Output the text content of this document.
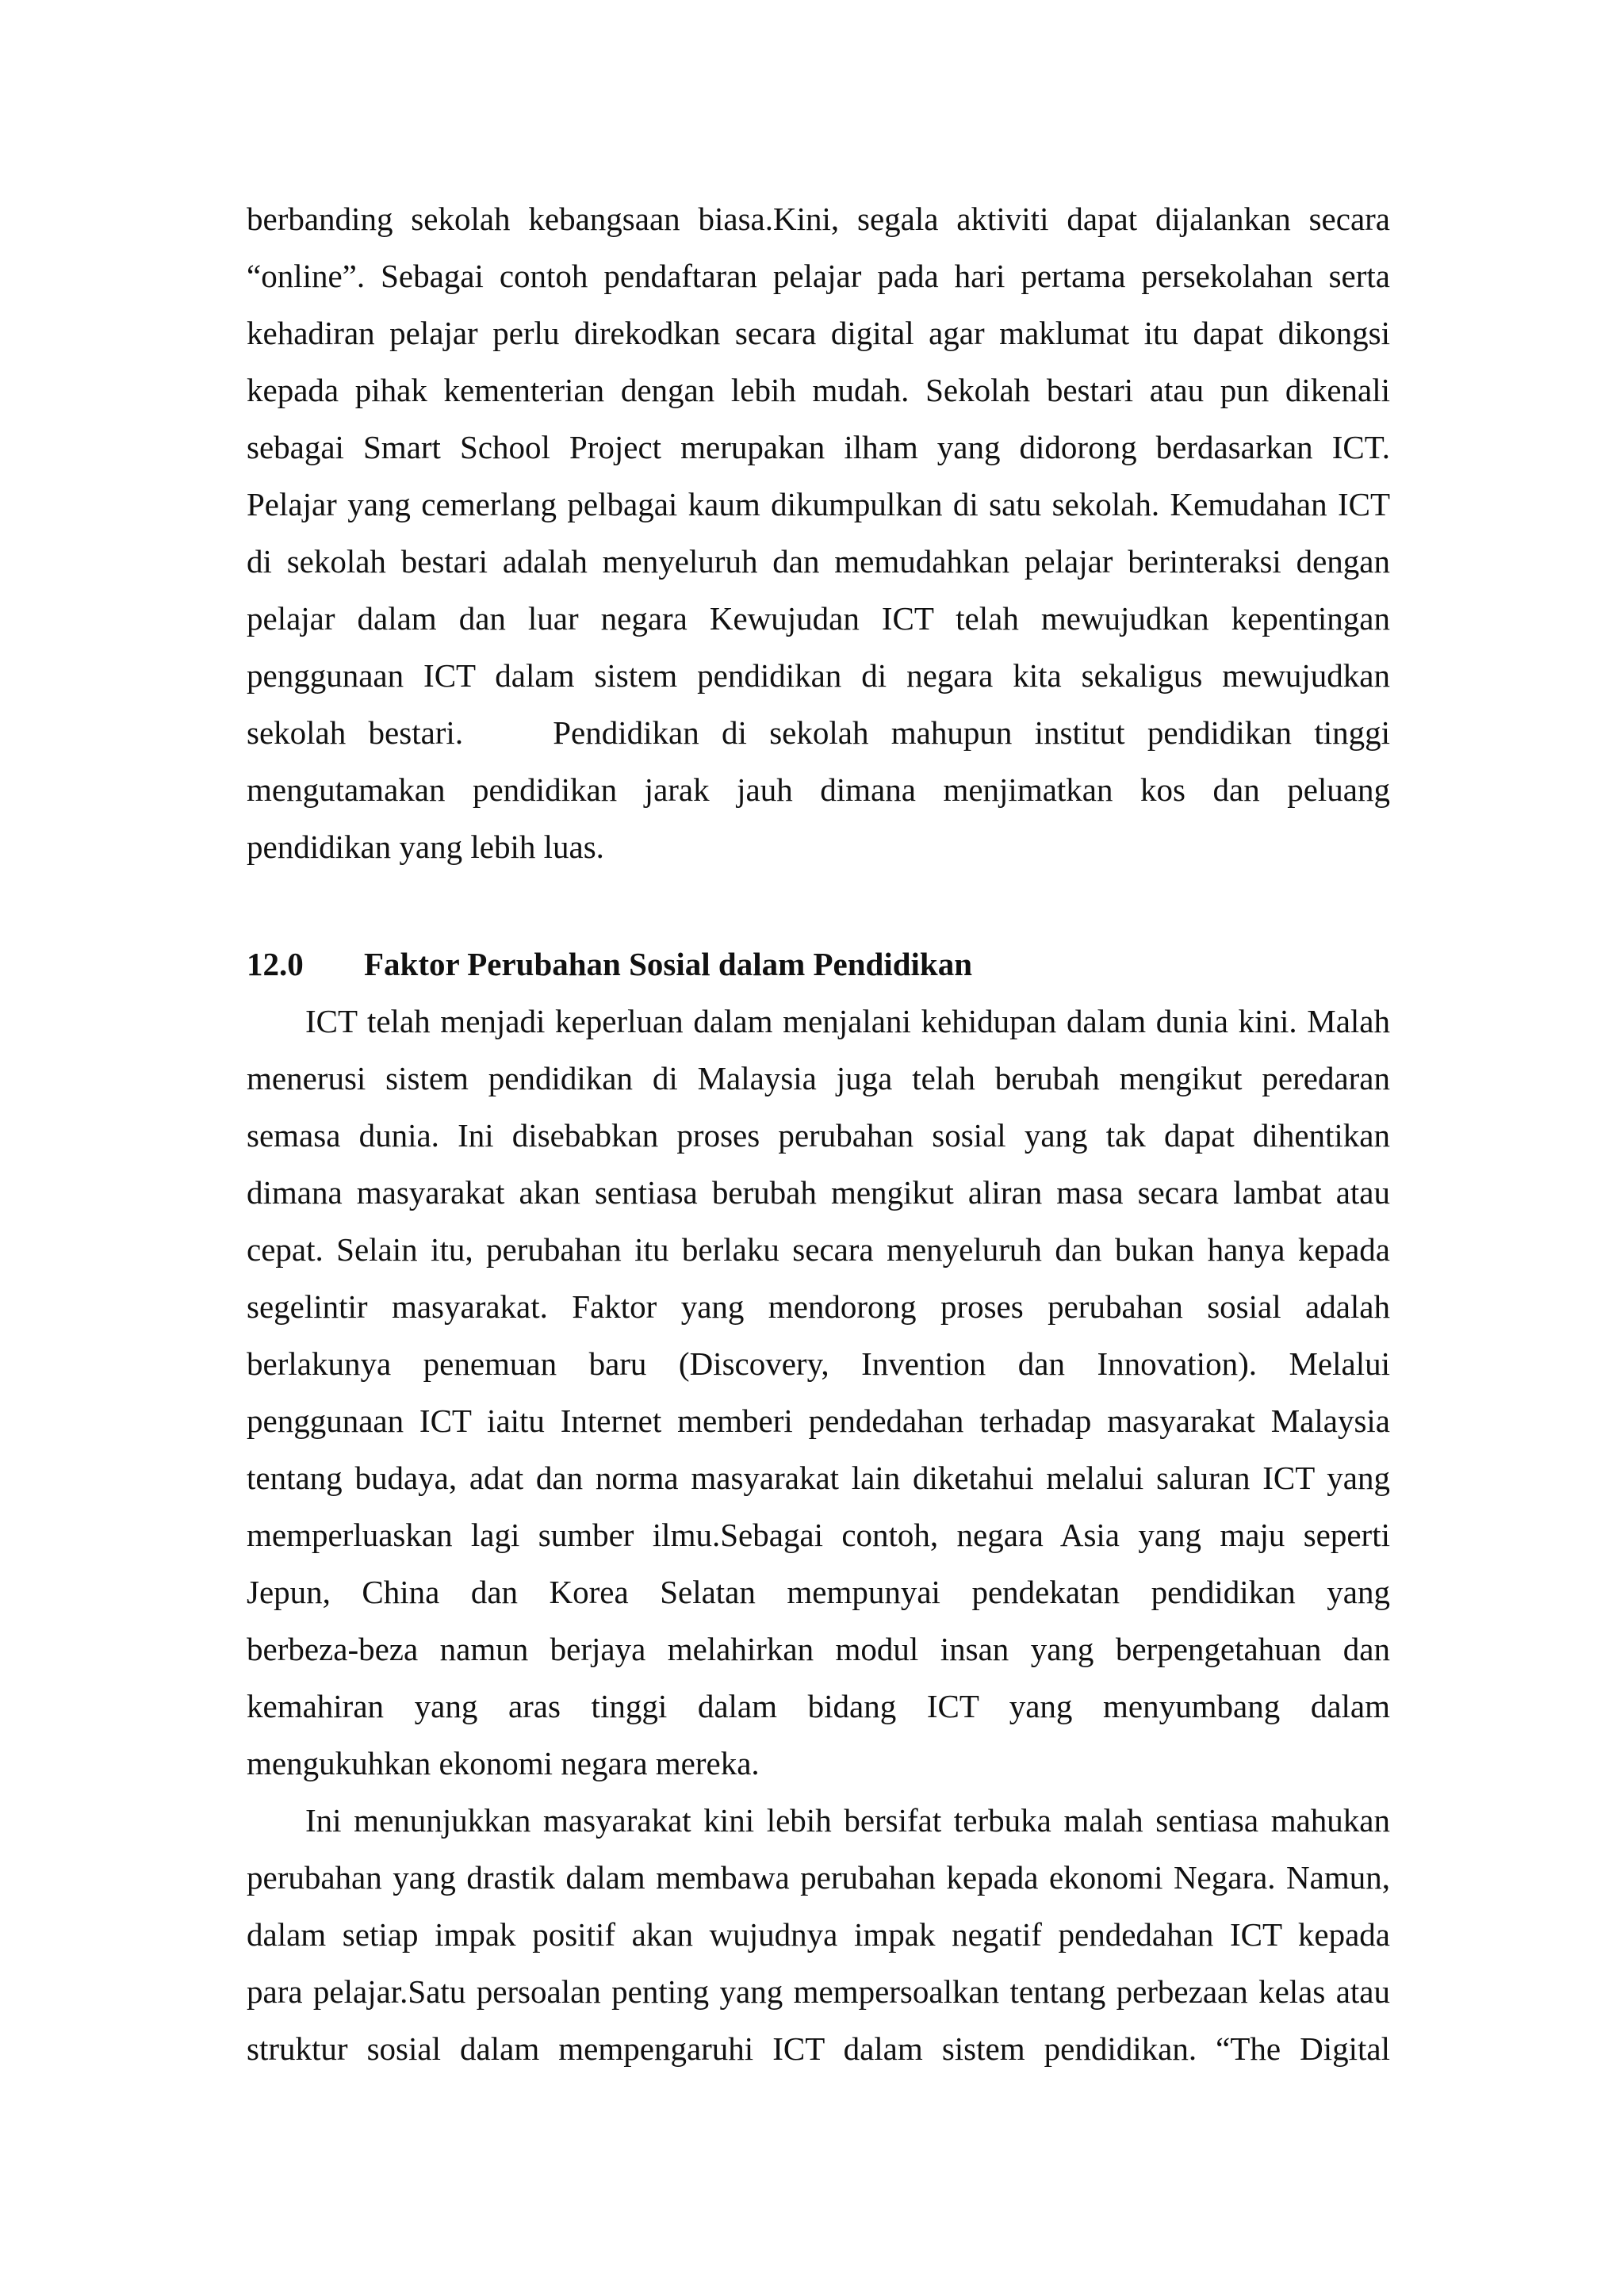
berbanding sekolah kebangsaan biasa.Kini, segala aktiviti dapat dijalankan secara
“online”. Sebagai contoh pendaftaran pelajar pada hari pertama persekolahan serta
kehadiran pelajar perlu direkodkan secara digital agar maklumat itu dapat dikongsi
kepada pihak kementerian dengan lebih mudah. Sekolah bestari atau pun dikenali
sebagai Smart School Project merupakan ilham yang didorong berdasarkan ICT.
Pelajar yang cemerlang pelbagai kaum dikumpulkan di satu sekolah. Kemudahan ICT
di sekolah bestari adalah menyeluruh dan memudahkan pelajar berinteraksi dengan
pelajar dalam dan luar negara Kewujudan ICT telah mewujudkan kepentingan
penggunaan ICT dalam sistem pendidikan di negara kita sekaligus mewujudkan
sekolah bestari.    Pendidikan di sekolah mahupun institut pendidikan tinggi
mengutamakan pendidikan jarak jauh dimana menjimatkan kos dan peluang
pendidikan yang lebih luas.
12.0	Faktor Perubahan Sosial dalam Pendidikan
ICT telah menjadi keperluan dalam menjalani kehidupan dalam dunia kini. Malah
menerusi sistem pendidikan di Malaysia juga telah berubah mengikut peredaran
semasa dunia. Ini disebabkan proses perubahan sosial yang tak dapat dihentikan
dimana masyarakat akan sentiasa berubah mengikut aliran masa secara lambat atau
cepat. Selain itu, perubahan itu berlaku secara menyeluruh dan bukan hanya kepada
segelintir masyarakat. Faktor yang mendorong proses perubahan sosial adalah
berlakunya penemuan baru (Discovery, Invention dan Innovation). Melalui
penggunaan ICT iaitu Internet memberi pendedahan terhadap masyarakat Malaysia
tentang budaya, adat dan norma masyarakat lain diketahui melalui saluran ICT yang
memperluaskan lagi sumber ilmu.Sebagai contoh, negara Asia yang maju seperti
Jepun, China dan Korea Selatan mempunyai pendekatan pendidikan yang
berbeza-beza namun berjaya melahirkan modul insan yang berpengetahuan dan
kemahiran yang aras tinggi dalam bidang ICT yang menyumbang dalam
mengukuhkan ekonomi negara mereka.
Ini menunjukkan masyarakat kini lebih bersifat terbuka malah sentiasa mahukan
perubahan yang drastik dalam membawa perubahan kepada ekonomi Negara. Namun,
dalam setiap impak positif akan wujudnya impak negatif pendedahan ICT kepada
para pelajar.Satu persoalan penting yang mempersoalkan tentang perbezaan kelas atau
struktur sosial dalam mempengaruhi ICT dalam sistem pendidikan. “The Digital
